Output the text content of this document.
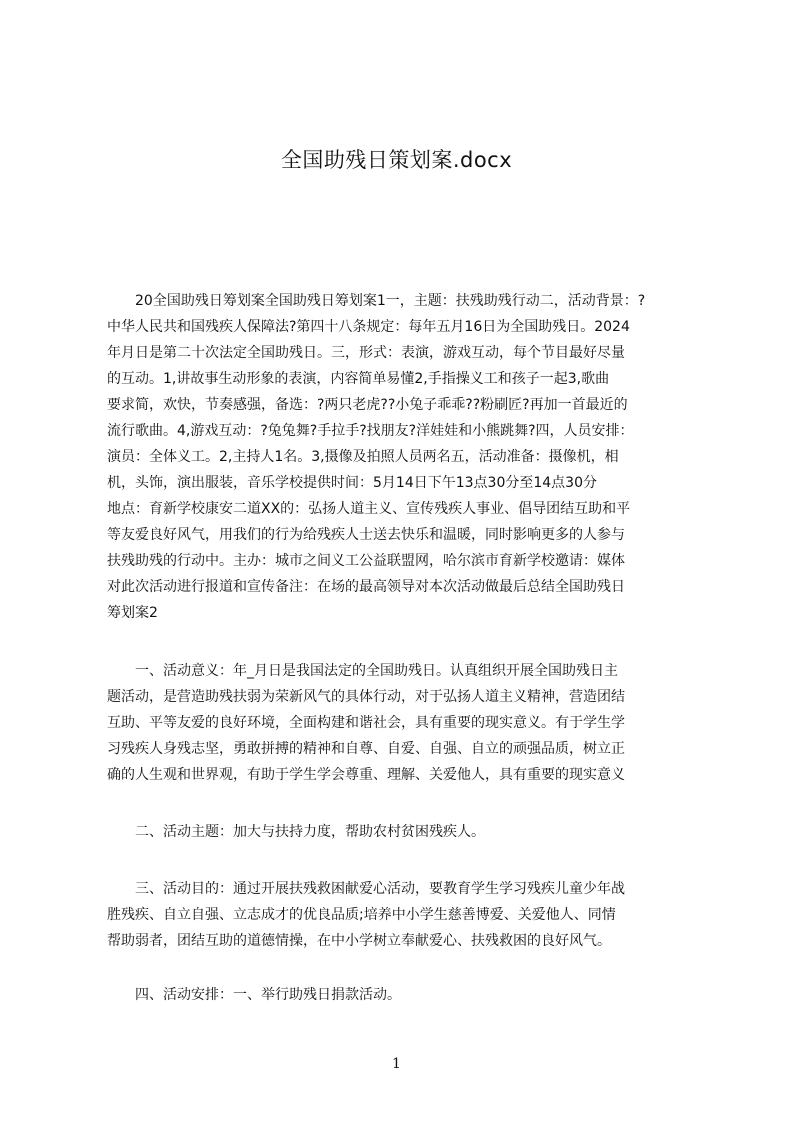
全国助残日策划案.docx
　　20全国助残日筹划案全国助残日筹划案1一，主题：扶残助残行动二，活动背景：?
中华人民共和国残疾人保障法?第四十八条规定：每年五月16日为全国助残日。2024
年月日是第二十次法定全国助残日。三，形式：表演，游戏互动，每个节目最好尽量
的互动。1,讲故事生动形象的表演，内容简单易懂2,手指操义工和孩子一起3,歌曲
要求简，欢快，节奏感强，备选：?两只老虎??小兔子乖乖??粉刷匠?再加一首最近的
流行歌曲。4,游戏互动：?兔兔舞?手拉手?找朋友?洋娃娃和小熊跳舞?四，人员安排：
演员：全体义工。2,主持人1名。3,摄像及拍照人员两名五，活动准备：摄像机，相
机，头饰，演出服装，音乐学校提供时间：5月14日下午13点30分至14点30分
地点：育新学校康安二道XX的：弘扬人道主义、宣传残疾人事业、倡导团结互助和平
等友爱良好风气，用我们的行为给残疾人士送去快乐和温暖，同时影响更多的人参与
扶残助残的行动中。主办：城市之间义工公益联盟网，哈尔滨市育新学校邀请：媒体
对此次活动进行报道和宣传备注：在场的最高领导对本次活动做最后总结全国助残日
筹划案2
　　一、活动意义：年_月日是我国法定的全国助残日。认真组织开展全国助残日主
题活动，是营造助残扶弱为荣新风气的具体行动，对于弘扬人道主义精神，营造团结
互助、平等友爱的良好环境，全面构建和谐社会，具有重要的现实意义。有于学生学
习残疾人身残志坚，勇敢拼搏的精神和自尊、自爱、自强、自立的顽强品质，树立正
确的人生观和世界观，有助于学生学会尊重、理解、关爱他人，具有重要的现实意义
　　二、活动主题：加大与扶持力度，帮助农村贫困残疾人。
　　三、活动目的：通过开展扶残救困献爱心活动，要教育学生学习残疾儿童少年战
胜残疾、自立自强、立志成才的优良品质;培养中小学生慈善博爱、关爱他人、同情
帮助弱者，团结互助的道德情操，在中小学树立奉献爱心、扶残救困的良好风气。
　　四、活动安排：一、举行助残日捐款活动。
1
